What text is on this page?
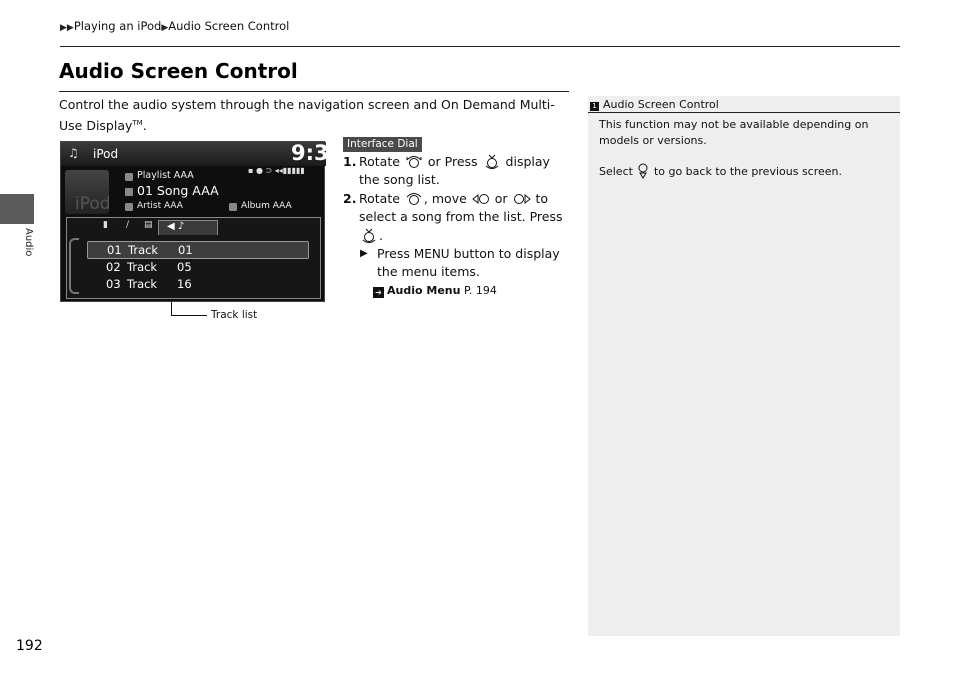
▶▶Playing an iPod▶Audio Screen Control
Audio
Audio Screen Control

Control the audio system through the navigation screen and On Demand Multi-Use Display™.

♫ iPod	9:30
iPod
Playlist AAA
01 Song AAA
Artist AAA	Album AAA
▪ ● ⊃ ◂◂▮▮▮▮▮
▮ / ▤	◀ ♪
01 Track 01
02 Track 05
03 Track 16
Track list
Interface Dial
1. Rotate or Press display the song list.
2. Rotate , move or to select a song from the list. Press .
▶ Press MENU button to display the menu items.
➔ Audio Menu P. 194
1 Audio Screen Control

This function may not be available depending on models or versions.

Select to go back to the previous screen.

192
